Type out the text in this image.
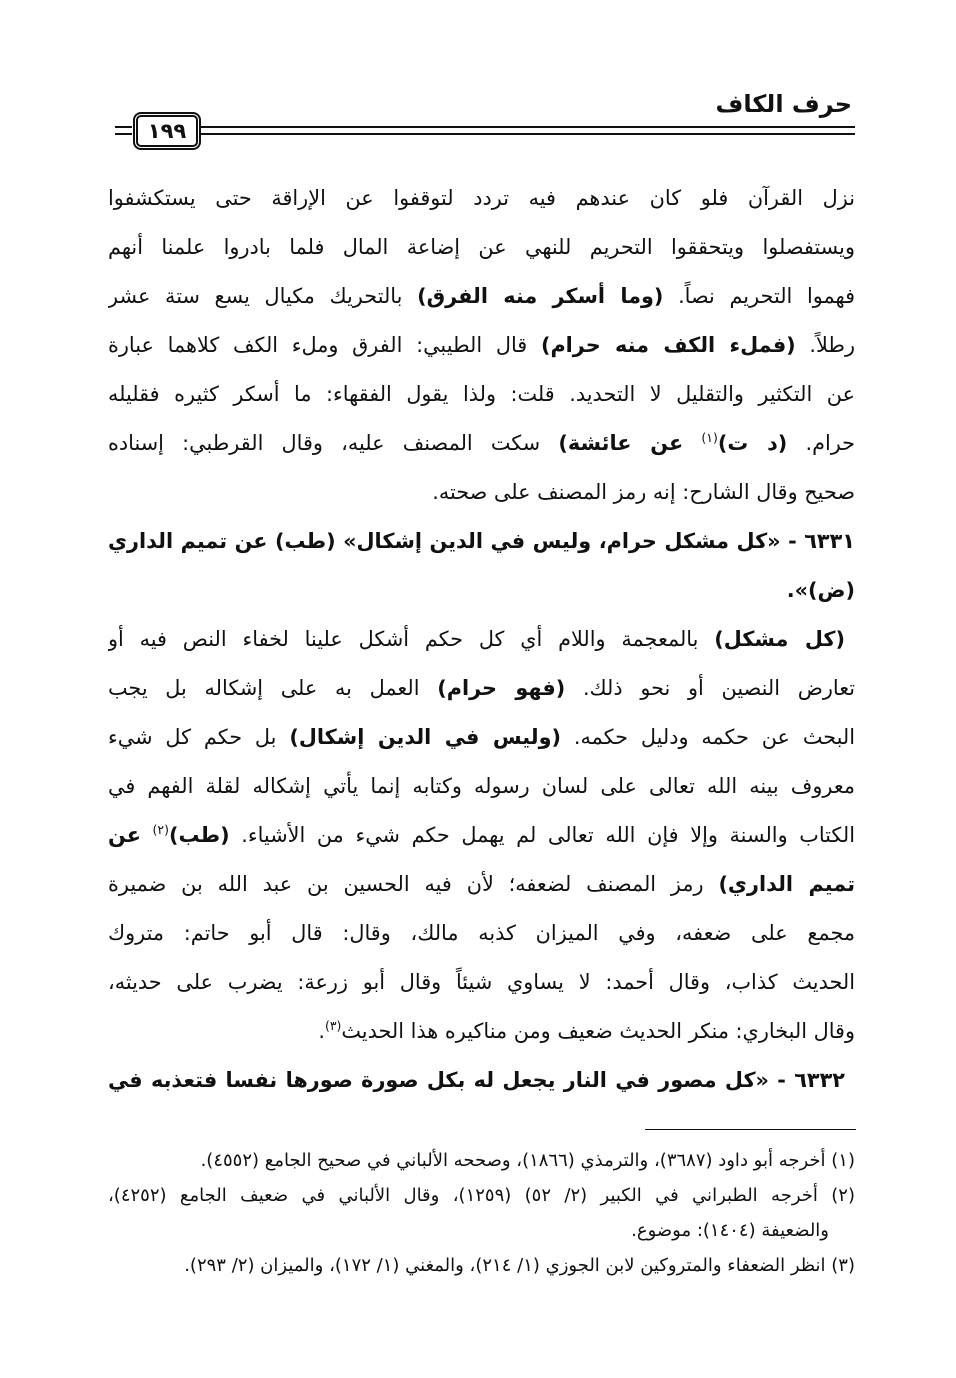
حرف الكاف
١٩٩
نزل القرآن فلو كان عندهم فيه تردد لتوقفوا عن الإراقة حتى يستكشفوا
ويستفصلوا ويتحققوا التحريم للنهي عن إضاعة المال فلما بادروا علمنا أنهم
فهموا التحريم نصاً. (وما أسكر منه الفرق) بالتحريك مكيال يسع ستة عشر
رطلاً. (فملء الكف منه حرام) قال الطيبي: الفرق وملء الكف كلاهما عبارة
عن التكثير والتقليل لا التحديد. قلت: ولذا يقول الفقهاء: ما أسكر كثيره فقليله
حرام. (د ت)$^{(١)}$ عن عائشة) سكت المصنف عليه، وقال القرطبي: إسناده
صحيح وقال الشارح: إنه رمز المصنف على صحته.
٦٣٣١ - «كل مشكل حرام، وليس في الدين إشكال» (طب) عن تميم الداري
(ض)».
(كل مشكل) بالمعجمة واللام أي كل حكم أشكل علينا لخفاء النص فيه أو
تعارض النصين أو نحو ذلك. (فهو حرام) العمل به على إشكاله بل يجب
البحث عن حكمه ودليل حكمه. (وليس في الدين إشكال) بل حكم كل شيء
معروف بينه الله تعالى على لسان رسوله وكتابه إنما يأتي إشكاله لقلة الفهم في
الكتاب والسنة وإلا فإن الله تعالى لم يهمل حكم شيء من الأشياء. (طب)$^{(٢)}$ عن
تميم الداري) رمز المصنف لضعفه؛ لأن فيه الحسين بن عبد الله بن ضميرة
مجمع على ضعفه، وفي الميزان كذبه مالك، وقال: قال أبو حاتم: متروك
الحديث كذاب، وقال أحمد: لا يساوي شيئاً وقال أبو زرعة: يضرب على حديثه،
وقال البخاري: منكر الحديث ضعيف ومن مناكيره هذا الحديث$^{(٣)}$.
٦٣٣٢ - «كل مصور في النار يجعل له بكل صورة صورها نفسا فتعذبه في
(١) أخرجه أبو داود (٣٦٨٧)، والترمذي (١٨٦٦)، وصححه الألباني في صحيح الجامع (٤٥٥٢).
(٢) أخرجه الطبراني في الكبير (٢/ ٥٢) (١٢٥٩)، وقال الألباني في ضعيف الجامع (٤٢٥٢)،
والضعيفة (١٤٠٤): موضوع.
(٣) انظر الضعفاء والمتروكين لابن الجوزي (١/ ٢١٤)، والمغني (١/ ١٧٢)، والميزان (٢/ ٢٩٣).
